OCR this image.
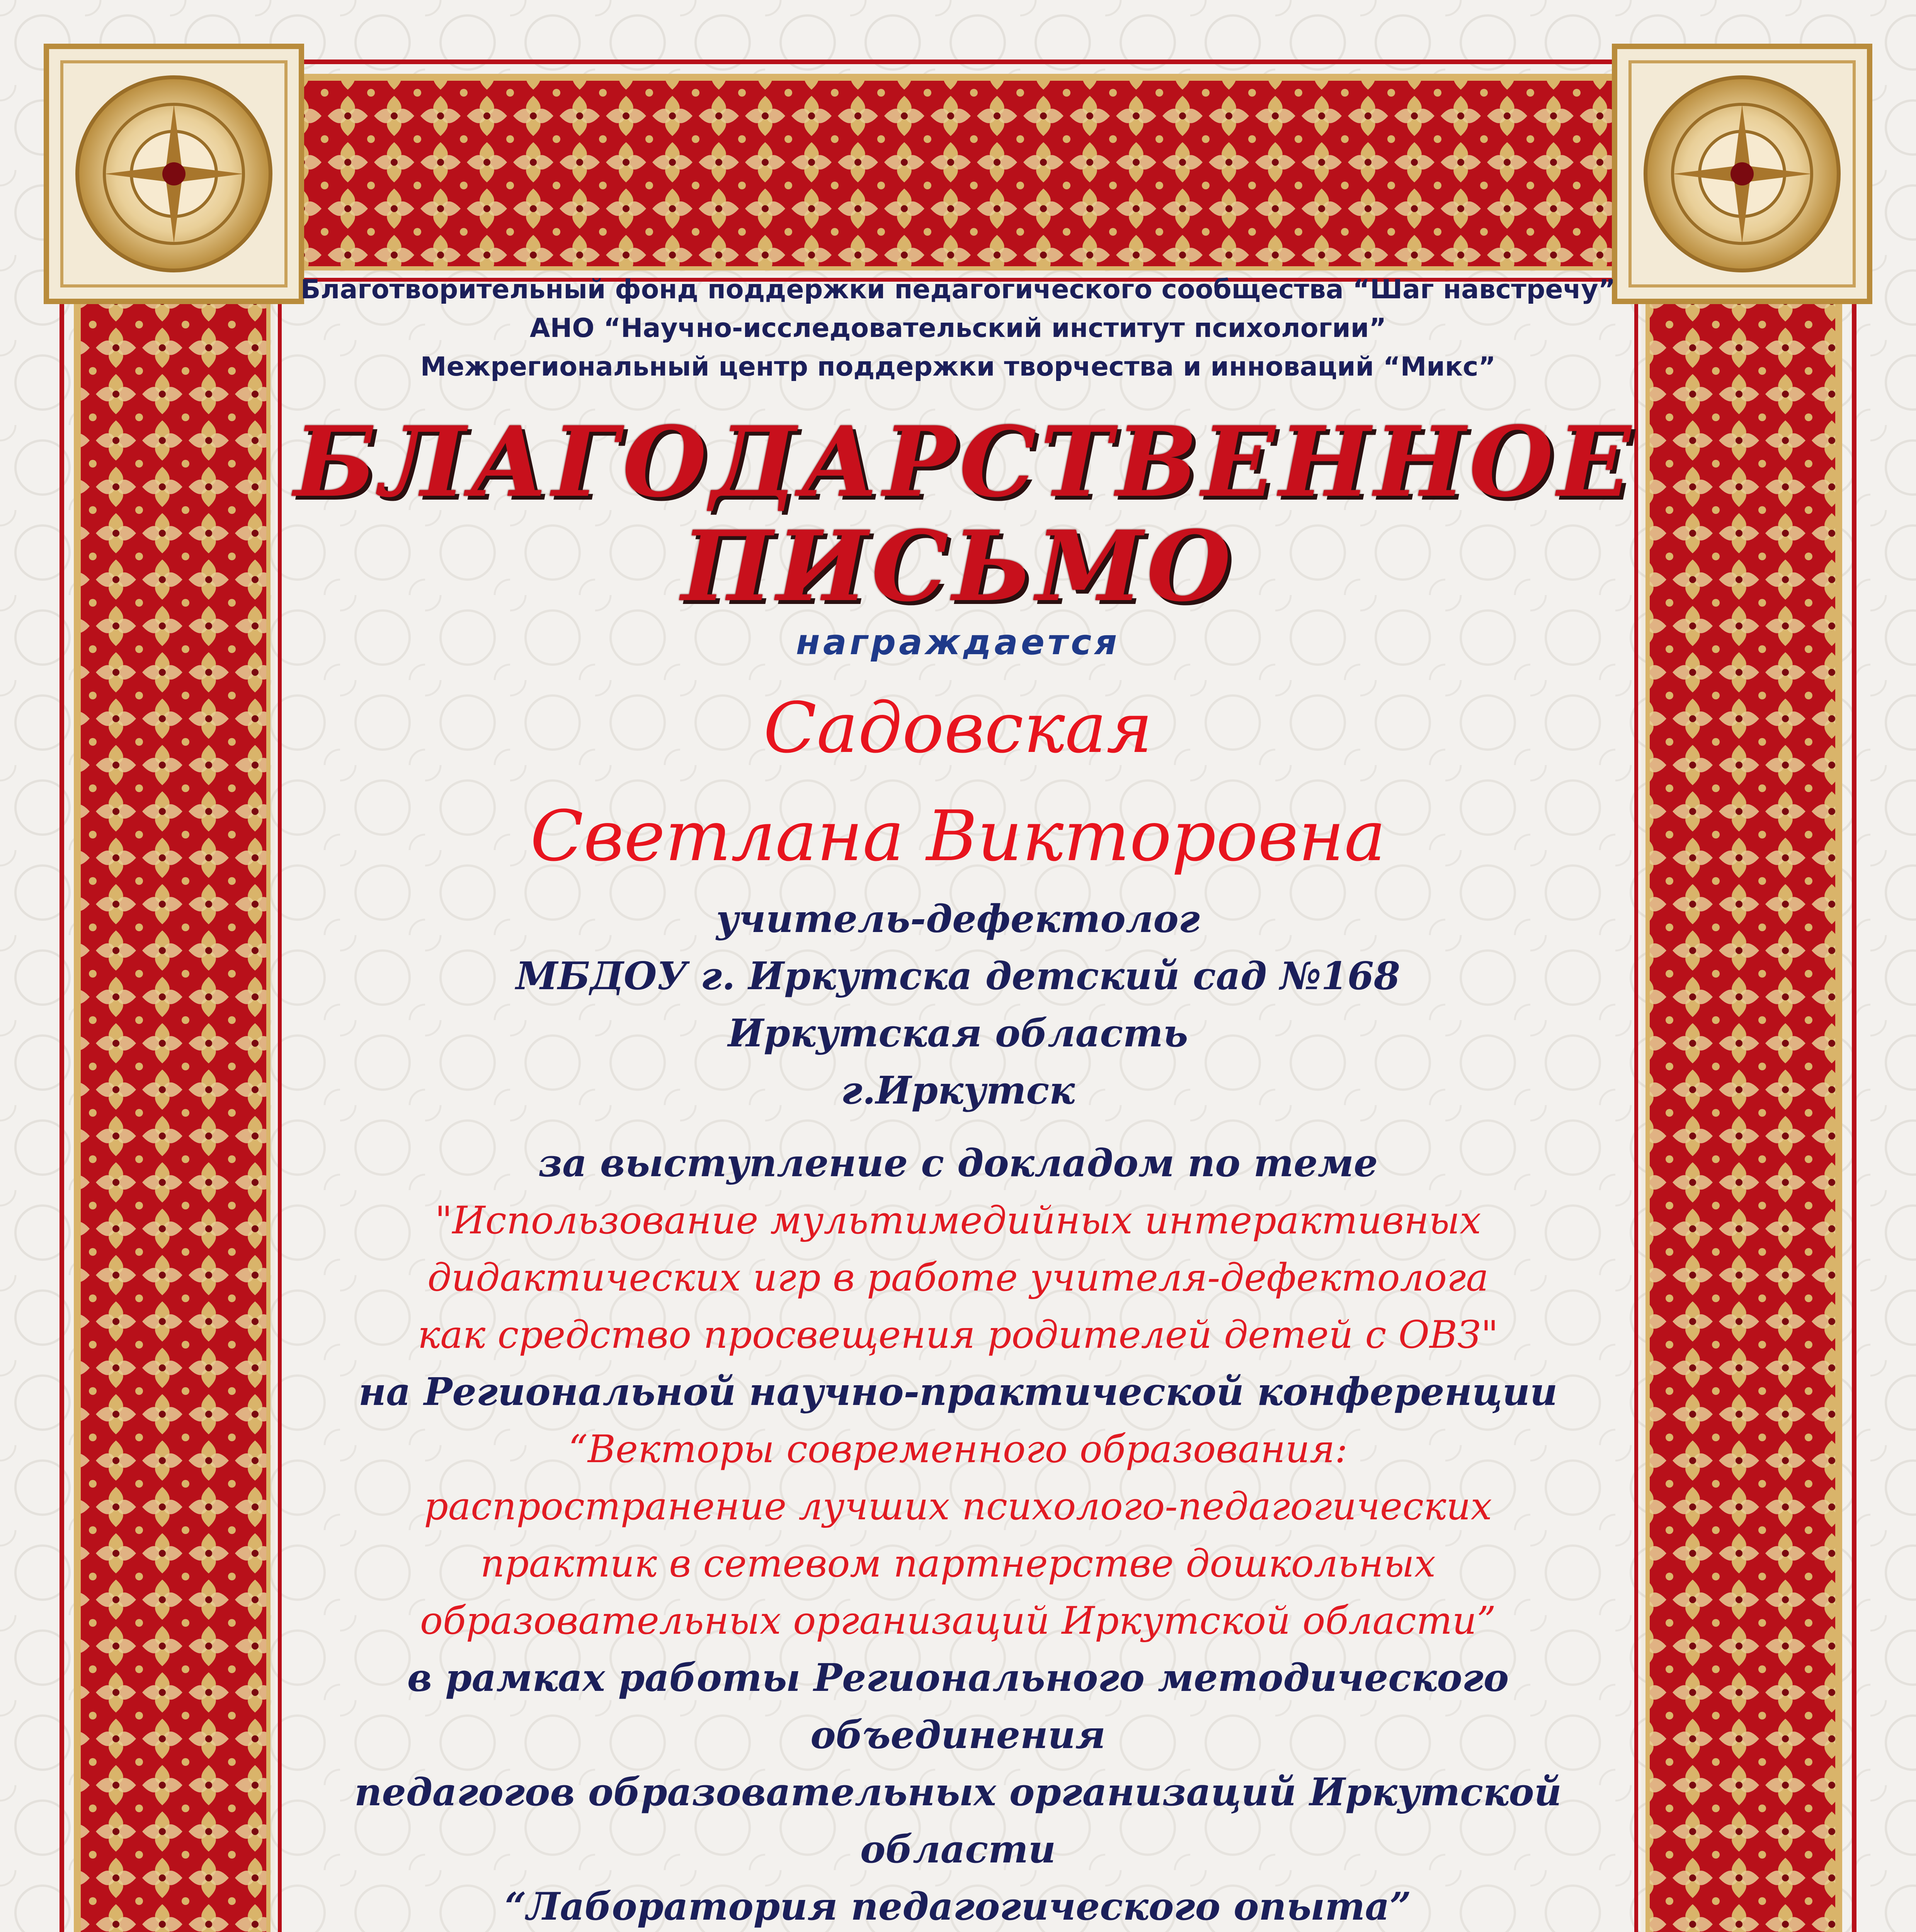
Благотворительный фонд поддержки педагогического сообщества “Шаг навстречу”
АНО “Научно-исследовательский институт психологии”
Межрегиональный центр поддержки творчества и инноваций “Микс”
БЛАГОДАРСТВЕННОЕ
ПИСЬМО
награждается
Садовская
Светлана Викторовна
учитель-дефектолог
МБДОУ г. Иркутска детский сад №168
Иркутская область
г.Иркутск
за выступление с докладом по теме
"Использование мультимедийных интерактивных
дидактических игр в работе учителя-дефектолога
как средство просвещения родителей детей с ОВЗ"
на Региональной научно-практической конференции
“Векторы современного образования:
распространение лучших психолого-педагогических
практик в сетевом партнерстве дошкольных
образовательных организаций Иркутской области”
в рамках работы Регионального методического объединения
педагогов образовательных организаций Иркутской области
“Лаборатория педагогического опыта”
